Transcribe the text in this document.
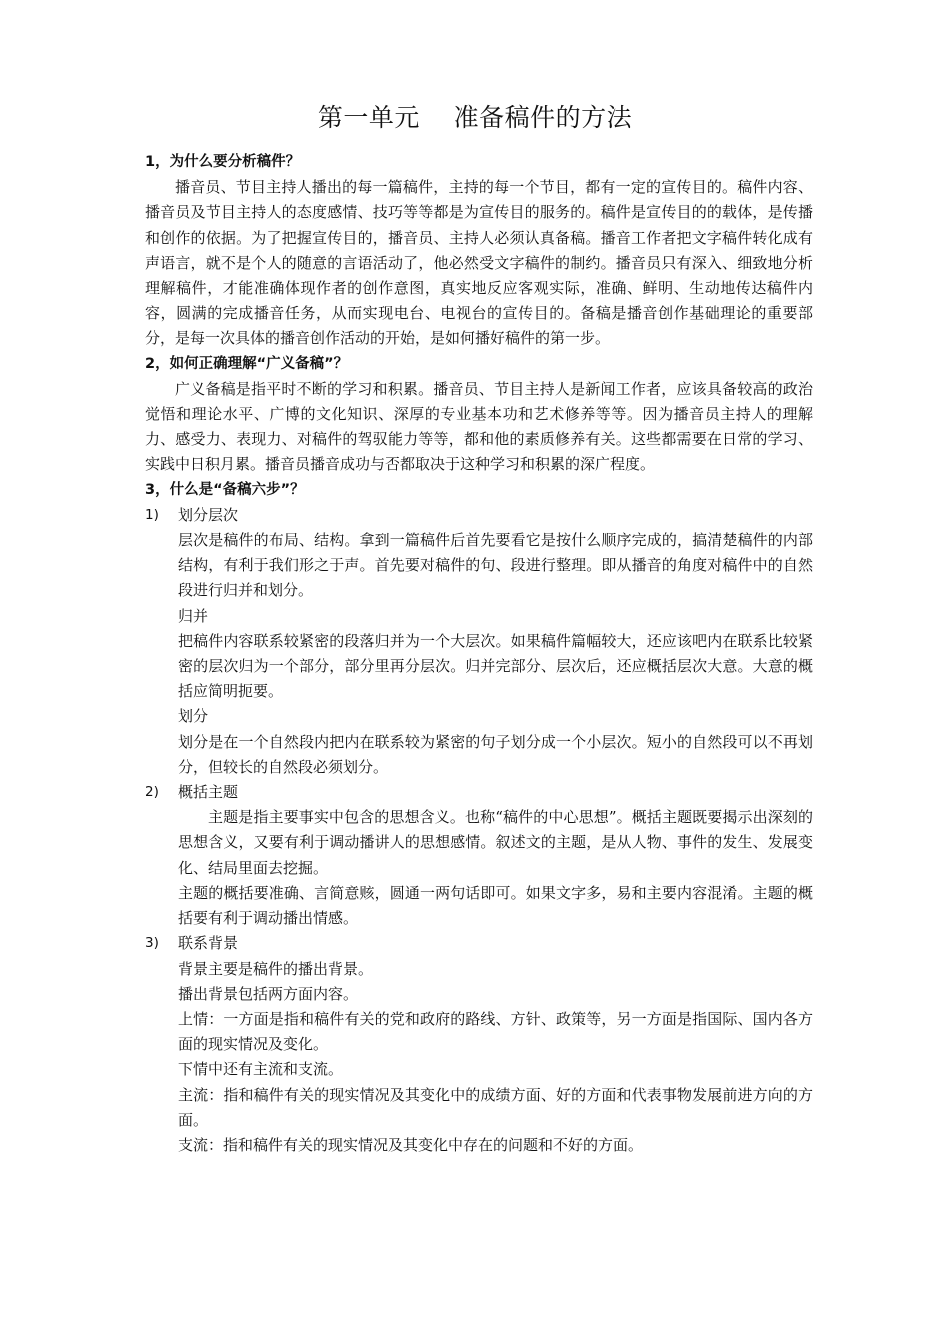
第一单元    准备稿件的方法
1，为什么要分析稿件？
播音员、节目主持人播出的每一篇稿件，主持的每一个节目，都有一定的宣传目的。稿件内容、播音员及节目主持人的态度感情、技巧等等都是为宣传目的服务的。稿件是宣传目的的载体，是传播和创作的依据。为了把握宣传目的，播音员、主持人必须认真备稿。播音工作者把文字稿件转化成有声语言，就不是个人的随意的言语活动了，他必然受文字稿件的制约。播音员只有深入、细致地分析理解稿件，才能准确体现作者的创作意图，真实地反应客观实际，准确、鲜明、生动地传达稿件内容，圆满的完成播音任务，从而实现电台、电视台的宣传目的。备稿是播音创作基础理论的重要部分，是每一次具体的播音创作活动的开始，是如何播好稿件的第一步。
2，如何正确理解“广义备稿”？
广义备稿是指平时不断的学习和积累。播音员、节目主持人是新闻工作者，应该具备较高的政治觉悟和理论水平、广博的文化知识、深厚的专业基本功和艺术修养等等。因为播音员主持人的理解力、感受力、表现力、对稿件的驾驭能力等等，都和他的素质修养有关。这些都需要在日常的学习、实践中日积月累。播音员播音成功与否都取决于这种学习和积累的深广程度。
3，什么是“备稿六步”？
1) 划分层次
层次是稿件的布局、结构。拿到一篇稿件后首先要看它是按什么顺序完成的，搞清楚稿件的内部结构，有利于我们形之于声。首先要对稿件的句、段进行整理。即从播音的角度对稿件中的自然段进行归并和划分。
归并
把稿件内容联系较紧密的段落归并为一个大层次。如果稿件篇幅较大，还应该吧内在联系比较紧密的层次归为一个部分，部分里再分层次。归并完部分、层次后，还应概括层次大意。大意的概括应简明扼要。
划分
划分是在一个自然段内把内在联系较为紧密的句子划分成一个小层次。短小的自然段可以不再划分，但较长的自然段必须划分。
2) 概括主题
主题是指主要事实中包含的思想含义。也称“稿件的中心思想”。概括主题既要揭示出深刻的思想含义，又要有利于调动播讲人的思想感情。叙述文的主题，是从人物、事件的发生、发展变化、结局里面去挖掘。
主题的概括要准确、言简意赅，圆通一两句话即可。如果文字多，易和主要内容混淆。主题的概括要有利于调动播出情感。
3) 联系背景
背景主要是稿件的播出背景。
播出背景包括两方面内容。
上情：一方面是指和稿件有关的党和政府的路线、方针、政策等，另一方面是指国际、国内各方面的现实情况及变化。
下情中还有主流和支流。
主流：指和稿件有关的现实情况及其变化中的成绩方面、好的方面和代表事物发展前进方向的方面。
支流：指和稿件有关的现实情况及其变化中存在的问题和不好的方面。
